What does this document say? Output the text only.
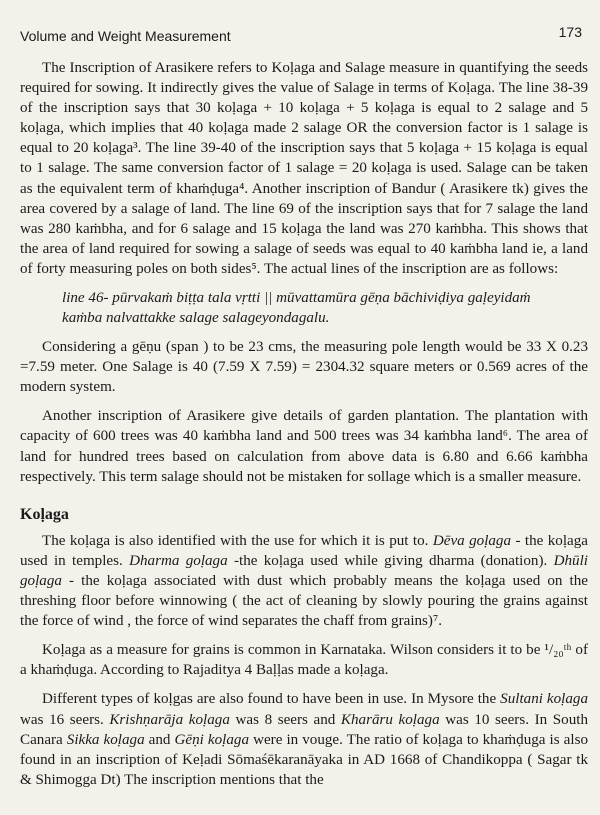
Volume and Weight Measurement	173

The Inscription of Arasikere refers to Koḷaga and Salage measure in quantifying the seeds required for sowing. It indirectly gives the value of Salage in terms of Koḷaga. The line 38-39 of the inscription says that 30 koḷaga + 10 koḷaga + 5 koḷaga is equal to 2 salage and 5 koḷaga, which implies that 40 koḷaga made 2 salage OR the conversion factor is 1 salage is equal to 20 koḷaga³. The line 39-40 of the inscription says that 5 koḷaga + 15 koḷaga is equal to 1 salage. The same conversion factor of 1 salage = 20 koḷaga is used. Salage can be taken as the equivalent term of khaṁḍuga⁴. Another inscription of Bandur ( Arasikere tk) gives the area covered by a salage of land. The line 69 of the inscription says that for 7 salage the land was 280 kaṁbha, and for 6 salage and 15 koḷaga the land was 270 kaṁbha. This shows that the area of land required for sowing a salage of seeds was equal to 40 kaṁbha land ie, a land of forty measuring poles on both sides⁵. The actual lines of the inscription are as follows:

line 46- pūrvakaṁ biṭṭa tala vṛtti || mūvattamūra gēṇa bāchiviḍiya gaḷeyidaṁ
kaṁba nalvattakke salage salageyondagalu.

Considering a gēṇu (span ) to be 23 cms, the measuring pole length would be 33 X 0.23 =7.59 meter. One Salage is 40 (7.59 X 7.59) = 2304.32 square meters or 0.569 acres of the modern system.

Another inscription of Arasikere give details of garden plantation. The plantation with capacity of 600 trees was 40 kaṁbha land and 500 trees was 34 kaṁbha land⁶. The area of land for hundred trees based on calculation from above data is 6.80 and 6.66 kaṁbha respectively. This term salage should not be mistaken for sollage which is a smaller measure.

Koḷaga

The koḷaga is also identified with the use for which it is put to. Dēva goḷaga - the koḷaga used in temples. Dharma goḷaga -the koḷaga used while giving dharma (donation). Dhūli goḷaga - the koḷaga associated with dust which probably means the koḷaga used on the threshing floor before winnowing ( the act of cleaning by slowly pouring the grains against the force of wind , the force of wind separates the chaff from grains)⁷.

Koḷaga as a measure for grains is common in Karnataka. Wilson considers it to be ¹/₂₀ᵗʰ of a khaṁḍuga. According to Rajaditya 4 Baḷḷas made a koḷaga.

Different types of koḷgas are also found to have been in use. In Mysore the Sultani koḷaga was 16 seers. Krishṇarāja koḷaga was 8 seers and Kharāru koḷaga was 10 seers. In South Canara Sikka koḷaga and Gēṇi koḷaga were in vouge. The ratio of koḷaga to khaṁḍuga is also found in an inscription of Keḷadi Sōmaśēkaranāyaka in AD 1668 of Chandikoppa ( Sagar tk & Shimogga Dt) The inscription mentions that the
